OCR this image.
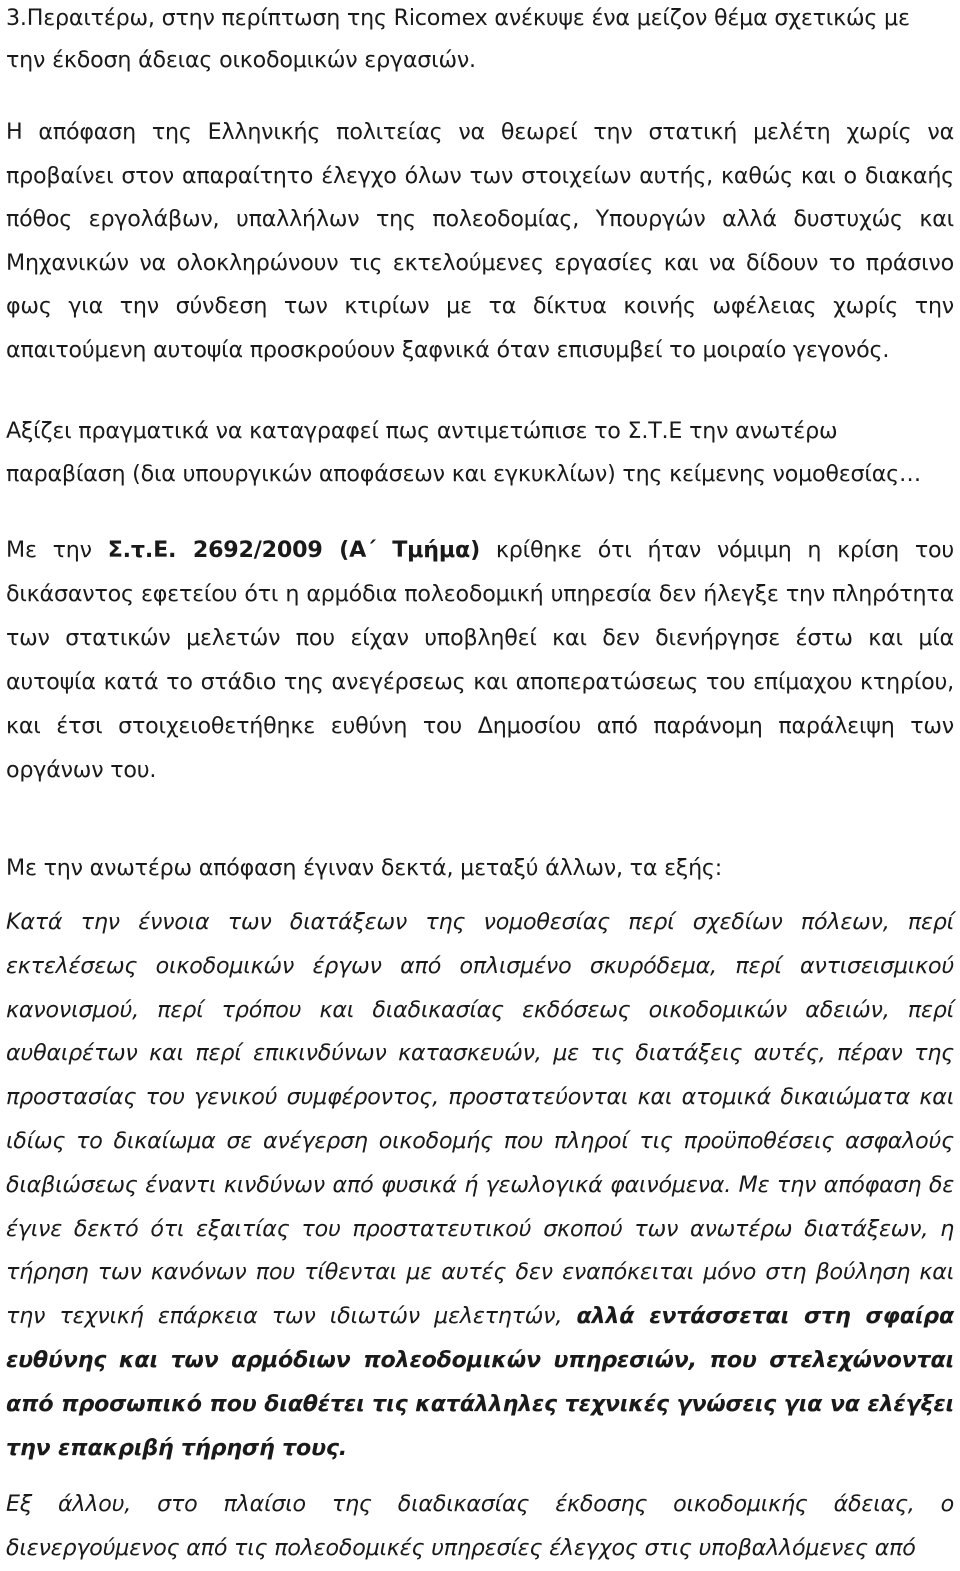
3.Περαιτέρω, στην περίπτωση της Ricomex ανέκυψε ένα μείζον θέμα σχετικώς με την έκδοση άδειας οικοδομικών εργασιών.

Η απόφαση της Ελληνικής πολιτείας να θεωρεί την στατική μελέτη χωρίς να προβαίνει στον απαραίτητο έλεγχο όλων των στοιχείων αυτής, καθώς και ο διακαής πόθος εργολάβων, υπαλλήλων της πολεοδομίας, Υπουργών αλλά δυστυχώς και Μηχανικών να ολοκληρώνουν τις εκτελούμενες εργασίες και να δίδουν το πράσινο φως για την σύνδεση των κτιρίων με τα δίκτυα κοινής ωφέλειας χωρίς την απαιτούμενη αυτοψία προσκρούουν ξαφνικά όταν επισυμβεί το μοιραίο γεγονός.

Αξίζει πραγματικά να καταγραφεί πως αντιμετώπισε το Σ.Τ.Ε την ανωτέρω παραβίαση (δια υπουργικών αποφάσεων και εγκυκλίων) της κείμενης νομοθεσίας…

Με την Σ.τ.Ε. 2692/2009 (Α΄ Τμήμα) κρίθηκε ότι ήταν νόμιμη η κρίση του δικάσαντος εφετείου ότι η αρμόδια πολεοδομική υπηρεσία δεν ήλεγξε την πληρότητα των στατικών μελετών που είχαν υποβληθεί και δεν διενήργησε έστω και μία αυτοψία κατά το στάδιο της ανεγέρσεως και αποπερατώσεως του επίμαχου κτηρίου, και έτσι στοιχειοθετήθηκε ευθύνη του Δημοσίου από παράνομη παράλειψη των οργάνων του.

Με την ανωτέρω απόφαση έγιναν δεκτά, μεταξύ άλλων, τα εξής:

Κατά την έννοια των διατάξεων της νομοθεσίας περί σχεδίων πόλεων, περί εκτελέσεως οικοδομικών έργων από οπλισμένο σκυρόδεμα, περί αντισεισμικού κανονισμού, περί τρόπου και διαδικασίας εκδόσεως οικοδομικών αδειών, περί αυθαιρέτων και περί επικινδύνων κατασκευών, με τις διατάξεις αυτές, πέραν της προστασίας του γενικού συμφέροντος, προστατεύονται και ατομικά δικαιώματα και ιδίως το δικαίωμα σε ανέγερση οικοδομής που πληροί τις προϋποθέσεις ασφαλούς διαβιώσεως έναντι κινδύνων από φυσικά ή γεωλογικά φαινόμενα. Με την απόφαση δε έγινε δεκτό ότι εξαιτίας του προστατευτικού σκοπού των ανωτέρω διατάξεων, η τήρηση των κανόνων που τίθενται με αυτές δεν εναπόκειται μόνο στη βούληση και την τεχνική επάρκεια των ιδιωτών μελετητών, αλλά εντάσσεται στη σφαίρα ευθύνης και των αρμόδιων πολεοδομικών υπηρεσιών, που στελεχώνονται από προσωπικό που διαθέτει τις κατάλληλες τεχνικές γνώσεις για να ελέγξει την επακριβή τήρησή τους.

Εξ άλλου, στο πλαίσιο της διαδικασίας έκδοσης οικοδομικής άδειας, ο διενεργούμενος από τις πολεοδομικές υπηρεσίες έλεγχος στις υποβαλλόμενες από
